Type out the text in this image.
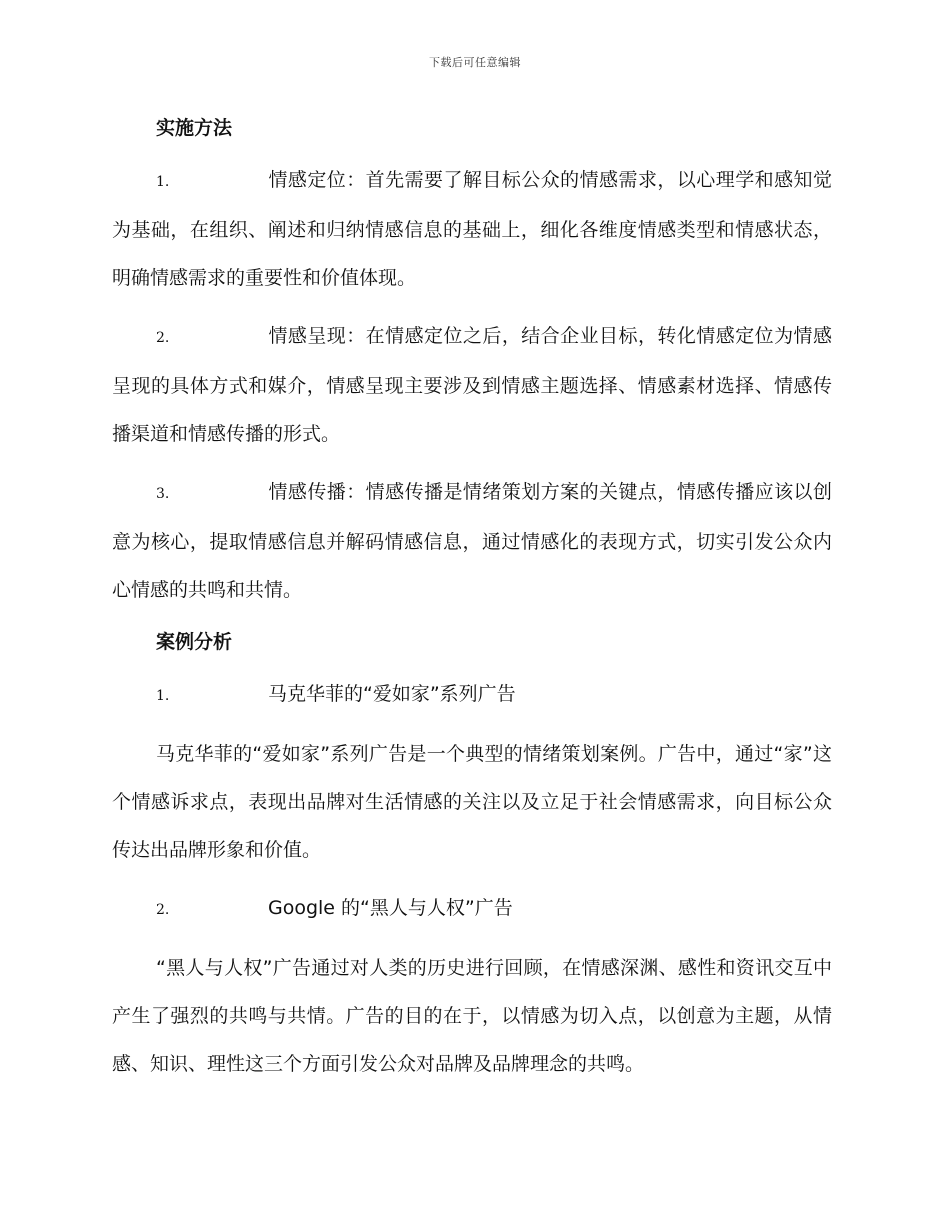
下载后可任意编辑
实施方法

1.	情感定位：首先需要了解目标公众的情感需求，以心理学和感知觉为基础，在组织、阐述和归纳情感信息的基础上，细化各维度情感类型和情感状态，明确情感需求的重要性和价值体现。

2.	情感呈现：在情感定位之后，结合企业目标，转化情感定位为情感呈现的具体方式和媒介，情感呈现主要涉及到情感主题选择、情感素材选择、情感传播渠道和情感传播的形式。

3.	情感传播：情感传播是情绪策划方案的关键点，情感传播应该以创意为核心，提取情感信息并解码情感信息，通过情感化的表现方式，切实引发公众内心情感的共鸣和共情。

案例分析

1.	马克华菲的“爱如家”系列广告

马克华菲的“爱如家”系列广告是一个典型的情绪策划案例。广告中，通过“家”这个情感诉求点，表现出品牌对生活情感的关注以及立足于社会情感需求，向目标公众传达出品牌形象和价值。

2.	Google 的“黑人与人权”广告

“黑人与人权”广告通过对人类的历史进行回顾，在情感深渊、感性和资讯交互中产生了强烈的共鸣与共情。广告的目的在于，以情感为切入点，以创意为主题，从情感、知识、理性这三个方面引发公众对品牌及品牌理念的共鸣。
